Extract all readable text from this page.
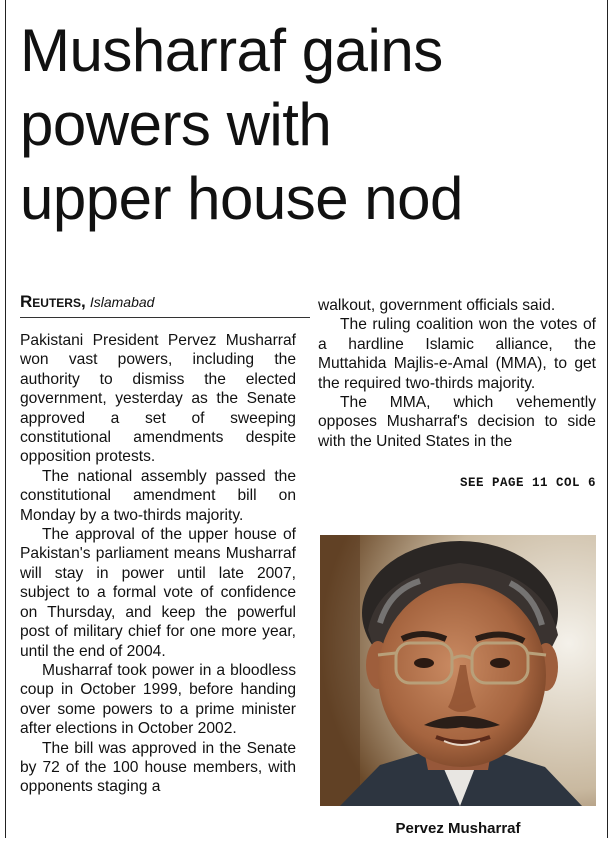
Musharraf gains
powers with
upper house nod
Reuters, Islamabad

Pakistani President Pervez Musharraf won vast powers, including the authority to dismiss the elected government, yesterday as the Senate approved a set of sweeping constitutional amendments despite opposition protests.

The national assembly passed the constitutional amendment bill on Monday by a two-thirds majority.

The approval of the upper house of Pakistan's parliament means Musharraf will stay in power until late 2007, subject to a formal vote of confidence on Thursday, and keep the powerful post of military chief for one more year, until the end of 2004.

Musharraf took power in a bloodless coup in October 1999, before handing over some powers to a prime minister after elections in October 2002.

The bill was approved in the Senate by 72 of the 100 house members, with opponents staging a

walkout, government officials said.

The ruling coalition won the votes of a hardline Islamic alliance, the Muttahida Majlis-e-Amal (MMA), to get the required two-thirds majority.

The MMA, which vehemently opposes Musharraf's decision to side with the United States in the

SEE PAGE 11 COL 6
Pervez Musharraf
